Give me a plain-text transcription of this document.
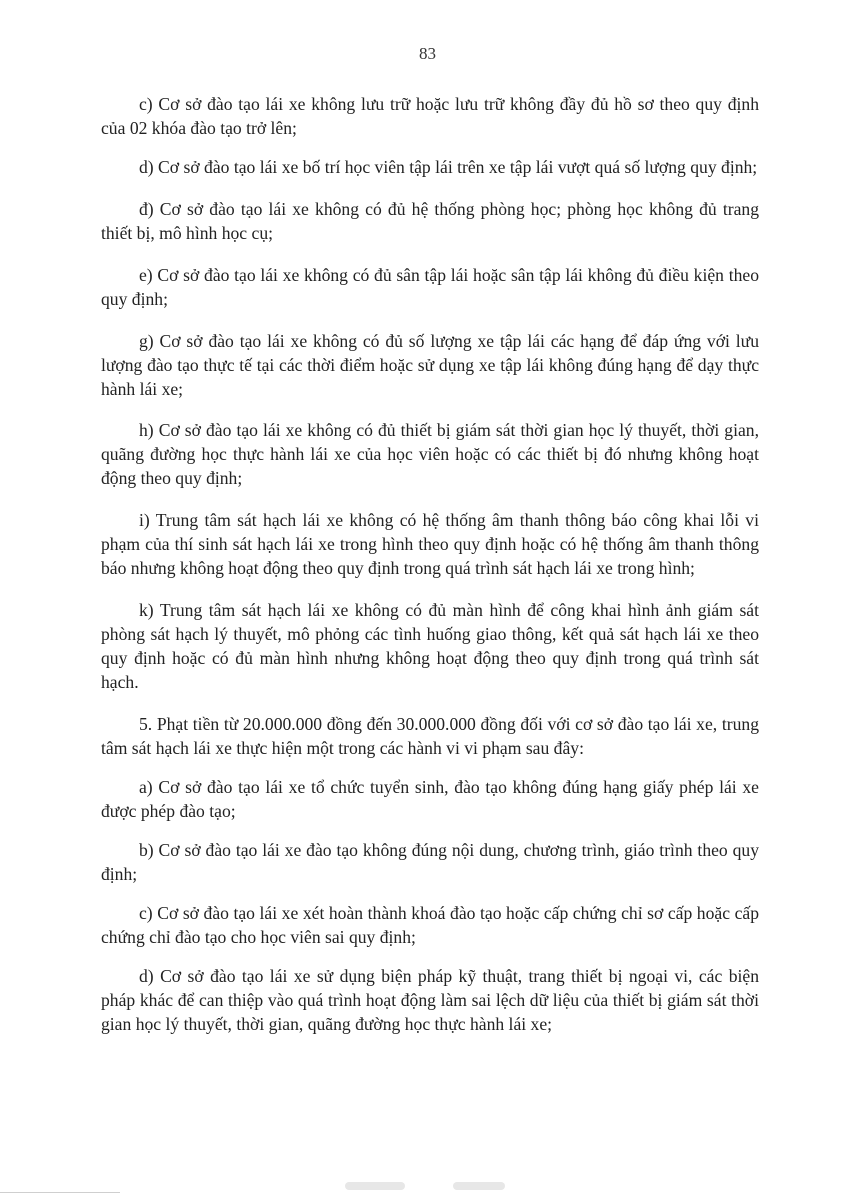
83

c) Cơ sở đào tạo lái xe không lưu trữ hoặc lưu trữ không đầy đủ hồ sơ theo quy định của 02 khóa đào tạo trở lên;

d) Cơ sở đào tạo lái xe bố trí học viên tập lái trên xe tập lái vượt quá số lượng quy định;

đ) Cơ sở đào tạo lái xe không có đủ hệ thống phòng học; phòng học không đủ trang thiết bị, mô hình học cụ;

e) Cơ sở đào tạo lái xe không có đủ sân tập lái hoặc sân tập lái không đủ điều kiện theo quy định;

g) Cơ sở đào tạo lái xe không có đủ số lượng xe tập lái các hạng để đáp ứng với lưu lượng đào tạo thực tế tại các thời điểm hoặc sử dụng xe tập lái không đúng hạng để dạy thực hành lái xe;

h) Cơ sở đào tạo lái xe không có đủ thiết bị giám sát thời gian học lý thuyết, thời gian, quãng đường học thực hành lái xe của học viên hoặc có các thiết bị đó nhưng không hoạt động theo quy định;

i) Trung tâm sát hạch lái xe không có hệ thống âm thanh thông báo công khai lỗi vi phạm của thí sinh sát hạch lái xe trong hình theo quy định hoặc có hệ thống âm thanh thông báo nhưng không hoạt động theo quy định trong quá trình sát hạch lái xe trong hình;

k) Trung tâm sát hạch lái xe không có đủ màn hình để công khai hình ảnh giám sát phòng sát hạch lý thuyết, mô phỏng các tình huống giao thông, kết quả sát hạch lái xe theo quy định hoặc có đủ màn hình nhưng không hoạt động theo quy định trong quá trình sát hạch.

5. Phạt tiền từ 20.000.000 đồng đến 30.000.000 đồng đối với cơ sở đào tạo lái xe, trung tâm sát hạch lái xe thực hiện một trong các hành vi vi phạm sau đây:

a) Cơ sở đào tạo lái xe tổ chức tuyển sinh, đào tạo không đúng hạng giấy phép lái xe được phép đào tạo;

b) Cơ sở đào tạo lái xe đào tạo không đúng nội dung, chương trình, giáo trình theo quy định;

c) Cơ sở đào tạo lái xe xét hoàn thành khoá đào tạo hoặc cấp chứng chỉ sơ cấp hoặc cấp chứng chỉ đào tạo cho học viên sai quy định;

d) Cơ sở đào tạo lái xe sử dụng biện pháp kỹ thuật, trang thiết bị ngoại vi, các biện pháp khác để can thiệp vào quá trình hoạt động làm sai lệch dữ liệu của thiết bị giám sát thời gian học lý thuyết, thời gian, quãng đường học thực hành lái xe;
